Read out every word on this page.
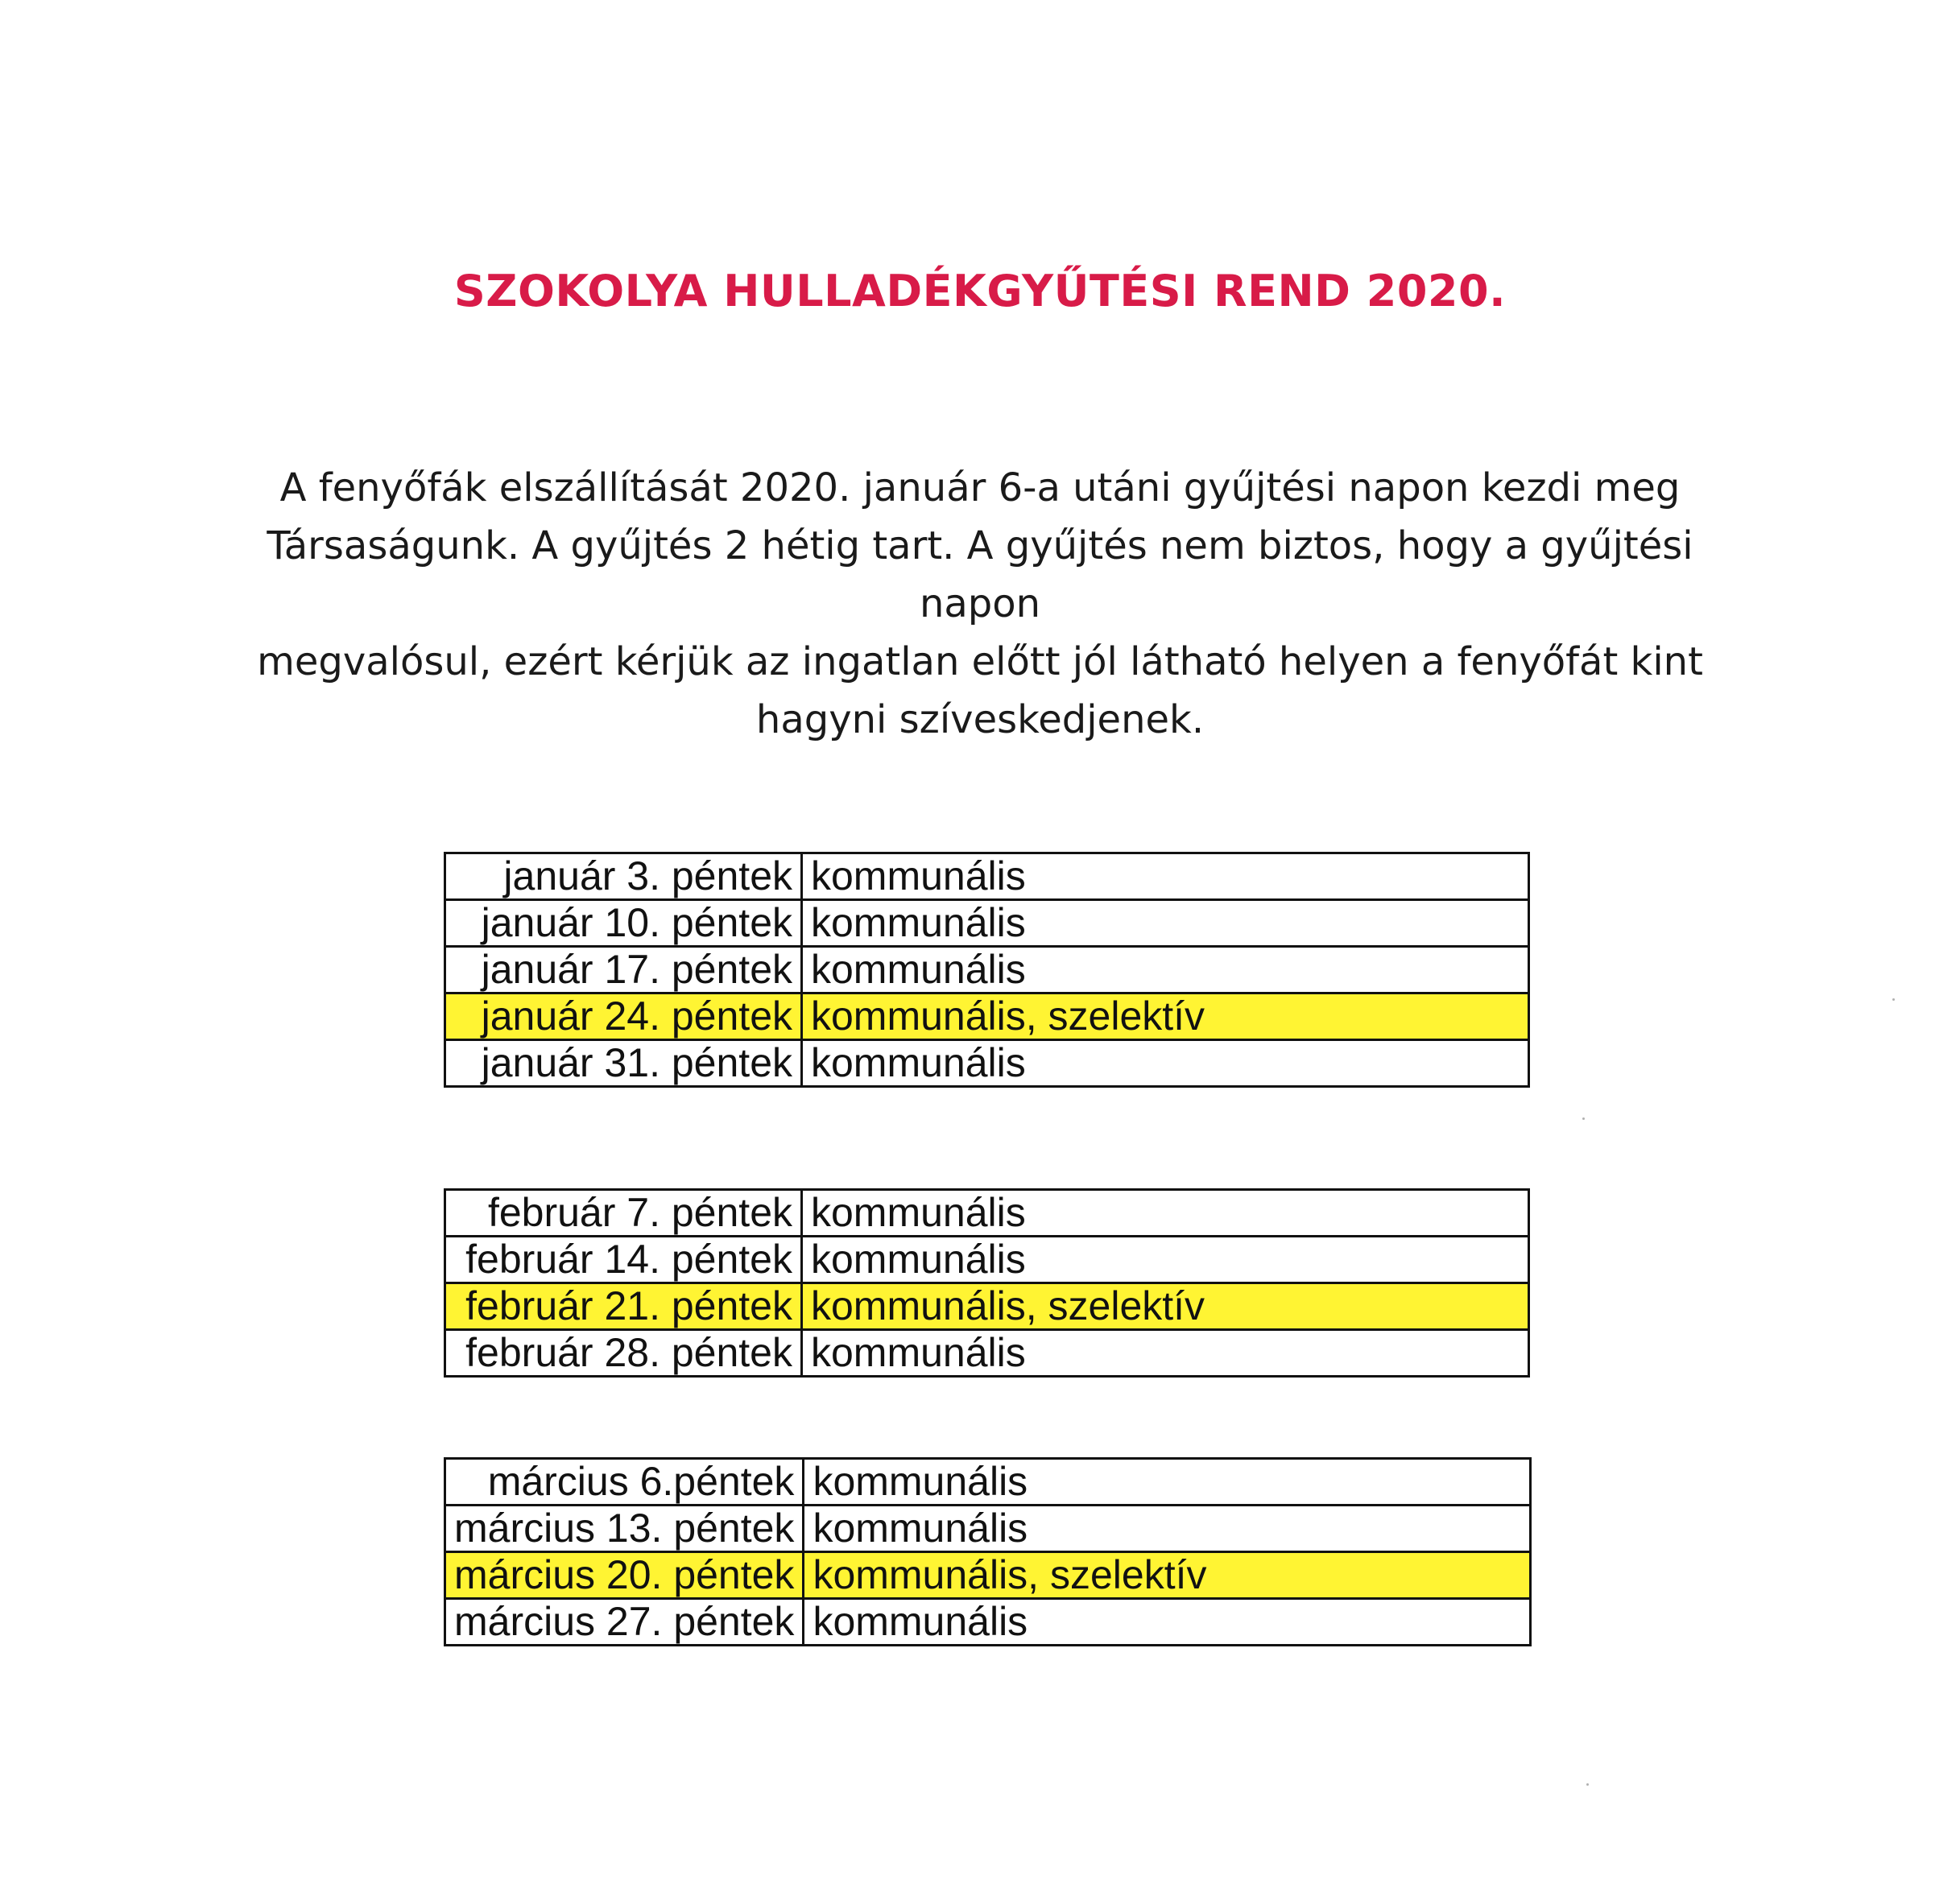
SZOKOLYA HULLADÉKGYŰTÉSI REND 2020.
A fenyőfák elszállítását 2020. január 6-a utáni gyűjtési napon kezdi meg
Társaságunk. A gyűjtés 2 hétig tart. A gyűjtés nem biztos, hogy a gyűjtési napon
megvalósul, ezért kérjük az ingatlan előtt jól látható helyen a fenyőfát kint
hagyni szíveskedjenek.
január 3. péntek	kommunális
január 10. péntek	kommunális
január 17. péntek	kommunális
január 24. péntek	kommunális, szelektív
január 31. péntek	kommunális
február 7. péntek	kommunális
február 14. péntek	kommunális
február 21. péntek	kommunális, szelektív
február 28. péntek	kommunális
március 6.péntek	kommunális
március 13. péntek	kommunális
március 20. péntek	kommunális, szelektív
március 27. péntek	kommunális
